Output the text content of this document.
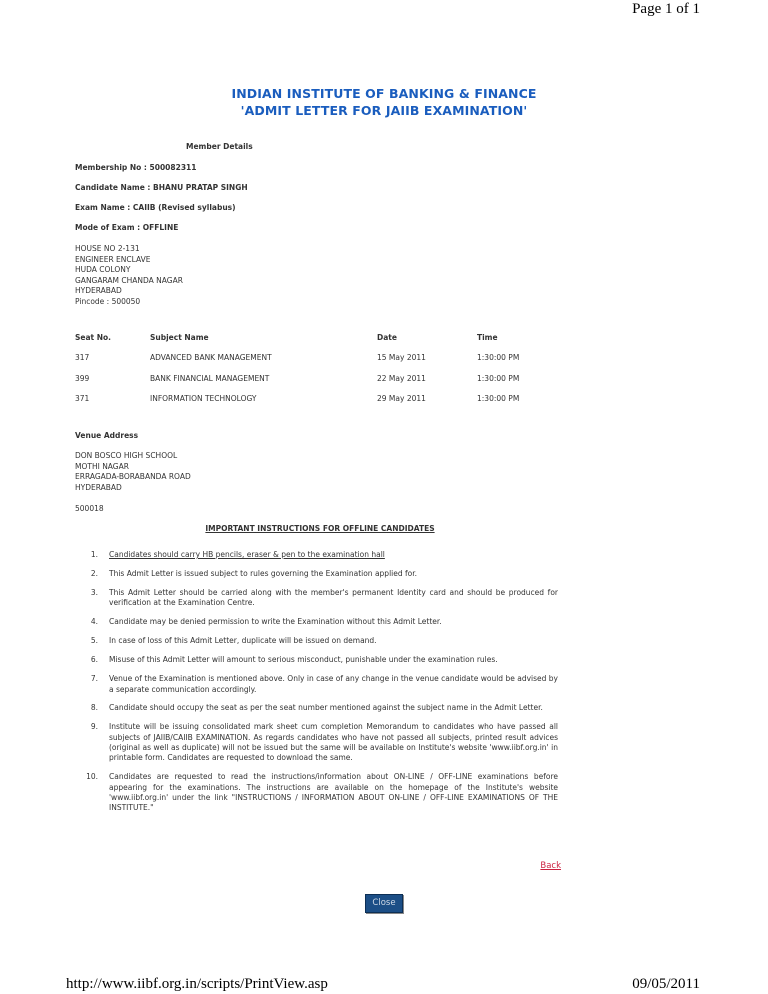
Page 1 of 1
INDIAN INSTITUTE OF BANKING & FINANCE
'ADMIT LETTER FOR JAIIB EXAMINATION'
Member Details
Membership No : 500082311
Candidate Name : BHANU PRATAP SINGH
Exam Name : CAIIB (Revised syllabus)
Mode of Exam : OFFLINE
HOUSE NO 2-131
ENGINEER ENCLAVE
HUDA COLONY
GANGARAM CHANDA NAGAR
HYDERABAD
Pincode : 500050
Seat No.	Subject Name	Date	Time
317	ADVANCED BANK MANAGEMENT	15 May 2011	1:30:00 PM
399	BANK FINANCIAL MANAGEMENT	22 May 2011	1:30:00 PM
371	INFORMATION TECHNOLOGY	29 May 2011	1:30:00 PM
Venue Address
DON BOSCO HIGH SCHOOL
MOTHI NAGAR
ERRAGADA-BORABANDA ROAD
HYDERABAD
500018
IMPORTANT INSTRUCTIONS FOR OFFLINE CANDIDATES
1. Candidates should carry HB pencils, eraser & pen to the examination hall
2. This Admit Letter is issued subject to rules governing the Examination applied for.
3. This Admit Letter should be carried along with the member's permanent Identity card and should be produced for verification at the Examination Centre.
4. Candidate may be denied permission to write the Examination without this Admit Letter.
5. In case of loss of this Admit Letter, duplicate will be issued on demand.
6. Misuse of this Admit Letter will amount to serious misconduct, punishable under the examination rules.
7. Venue of the Examination is mentioned above. Only in case of any change in the venue candidate would be advised by a separate communication accordingly.
8. Candidate should occupy the seat as per the seat number mentioned against the subject name in the Admit Letter.
9. Institute will be issuing consolidated mark sheet cum completion Memorandum to candidates who have passed all subjects of JAIIB/CAIIB EXAMINATION. As regards candidates who have not passed all subjects, printed result advices (original as well as duplicate) will not be issued but the same will be available on Institute's website 'www.iibf.org.in' in printable form. Candidates are requested to download the same.
10. Candidates are requested to read the instructions/information about ON-LINE / OFF-LINE examinations before appearing for the examinations. The instructions are available on the homepage of the Institute's website 'www.iibf.org.in' under the link "INSTRUCTIONS / INFORMATION ABOUT ON-LINE / OFF-LINE EXAMINATIONS OF THE INSTITUTE."
Back
Close
http://www.iibf.org.in/scripts/PrintView.asp	09/05/2011
